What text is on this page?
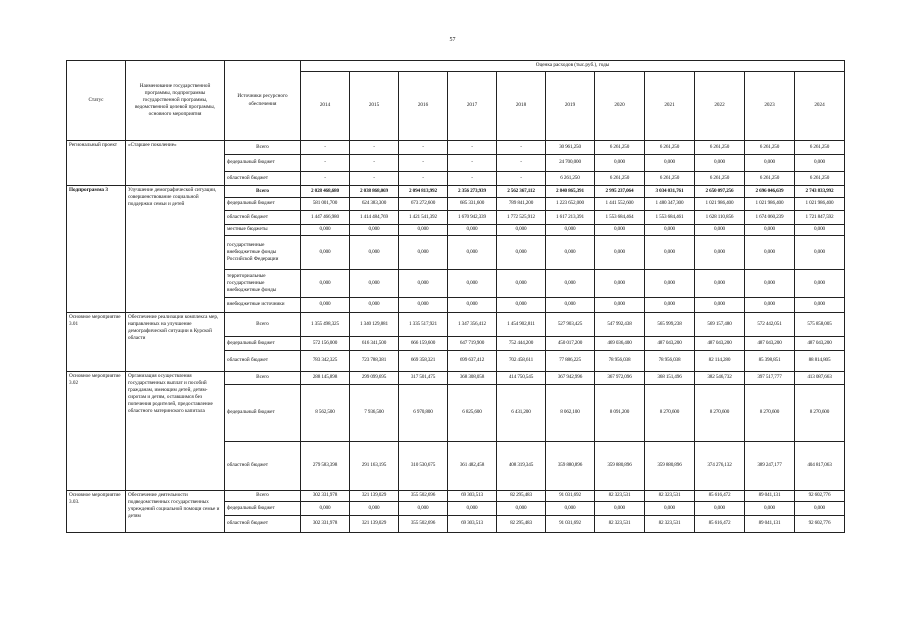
57
Статус	Наименование государственной программы, подпрограммы государственной программы, ведомственной целевой программы, основного мероприятия	Источники ресурсного обеспечения	Оценка расходов (тыс.руб.), годы										
			2014	2015	2016	2017	2018	2019	2020	2021	2022	2023	2024
Региональный проект	«Старшее поколение»	Всего	-	-	-	-	-	30 961,250	6 261,250	6 261,250	6 261,250	6 261,250	6 261,250
		федеральный бюджет	-	-	-	-	-	24 700,000	0,000	0,000	0,000	0,000	0,000
		областной бюджет	-	-	-	-	-	6 261,250	6 261,250	6 261,250	6 261,250	6 261,250	6 261,250
Подпрограмма 3	Улучшение демографической ситуации, совершенствование социальной поддержки семьи и детей	Всего	2 028 468,680	2 038 868,069	2 094 813,992	2 356 273,939	2 562 367,112	2 840 865,391	2 995 237,064	3 034 031,761	2 650 097,256	2 696 046,639	2 743 833,992
		федеральный бюджет	581 001,700	624 383,300	673 272,600	685 331,600	789 841,200	1 223 652,000	1 441 552,600	1 480 347,300	1 021 986,400	1 021 986,400	1 021 986,400
		областной бюджет	1 447 466,980	1 414 484,769	1 421 541,392	1 670 942,339	1 772 525,912	1 617 213,391	1 553 684,464	1 553 684,461	1 628 110,856	1 674 060,239	1 721 847,592
		местные бюджеты	0,000	0,000	0,000	0,000	0,000	0,000	0,000	0,000	0,000	0,000	0,000
		государственные внебюджетные фонды Российской Федерации	0,000	0,000	0,000	0,000	0,000	0,000	0,000	0,000	0,000	0,000	0,000
		территориальные государственные внебюджетные фонды	0,000	0,000	0,000	0,000	0,000	0,000	0,000	0,000	0,000	0,000	0,000
		внебюджетные источники	0,000	0,000	0,000	0,000	0,000	0,000	0,000	0,000	0,000	0,000	0,000
Основное мероприятие 3.01	Обеспечение реализации комплекса мер, направленных на улучшение демографической ситуации в Курской области	Всего	1 355 498,325	1 340 129,881	1 335 517,921	1 347 356,412	1 454 902,811	527 903,425	547 992,438	565 999,238	569 157,480	572 442,051	575 858,005
		федеральный бюджет	572 156,000	616 341,500	666 159,600	647 719,900	752 444,200	450 017,200	469 036,400	487 043,200	487 043,200	487 043,200	487 043,200
		областной бюджет	783 342,325	723 788,381	669 358,321	699 637,412	702 458,611	77 886,225	78 956,038	78 956,038	82 114,280	85 398,851	88 814,805
Основное мероприятие 3.02	Организация осуществления государственных выплат и пособий гражданам, имеющим детей, детям-сиротам и детям, оставшимся без попечения родителей, предоставление областного материнского капитала	Всего	288 145,898	299 099,695	317 501,475	368 308,058	414 750,545	367 942,996	367 972,096	368 151,496	382 546,732	397 517,777	413 087,663
		федеральный бюджет	8 562,500	7 936,500	6 970,800	6 825,600	6 431,200	8 062,100	8 091,200	8 270,600	8 270,600	8 270,600	8 270,600
		областной бюджет	279 583,398	291 163,195	310 530,675	361 482,458	408 319,345	359 880,896	359 880,896	359 880,896	374 276,132	389 247,177	404 817,063
Основное мероприятие 3.03.	Обеспечение деятельности подведомственных государственных учреждений социальной помощи семье и детям	Всего	302 331,978	321 139,029	355 502,696	69 303,513	82 295,483	91 031,692	82 323,531	82 323,531	85 616,472	89 041,131	92 602,776
		федеральный бюджет	0,000	0,000	0,000	0,000	0,000	0,000	0,000	0,000	0,000	0,000	0,000
		областной бюджет	302 331,978	321 139,029	355 502,696	69 303,513	82 295,483	91 031,692	82 323,531	82 323,531	85 616,472	89 041,131	92 602,776
